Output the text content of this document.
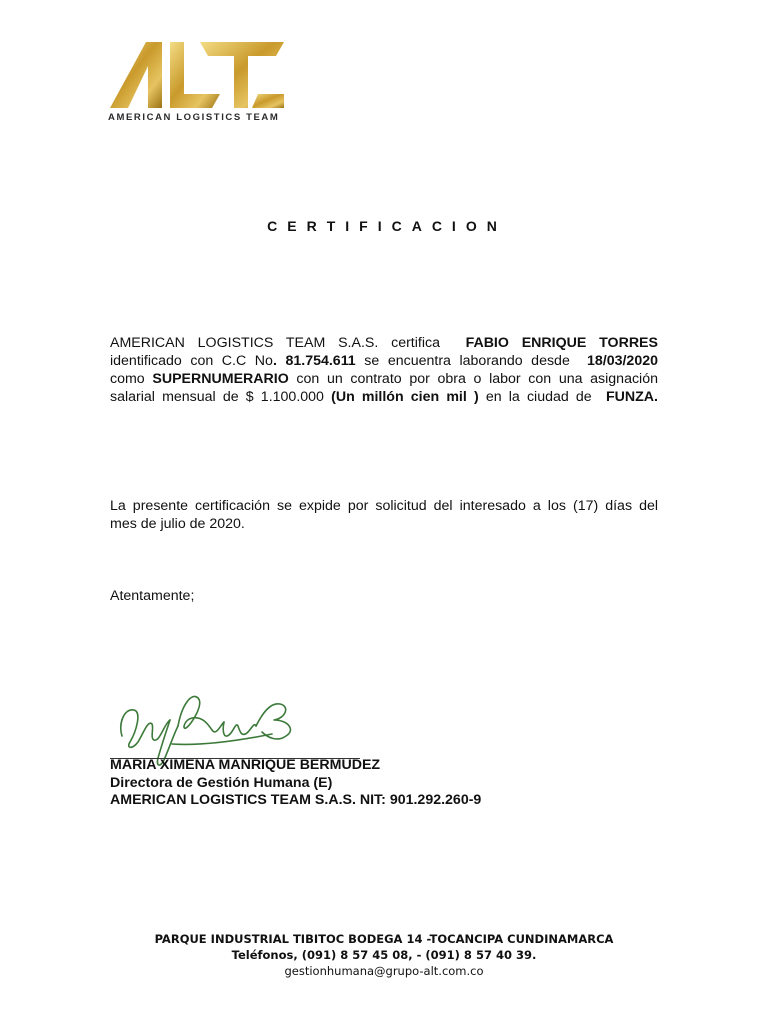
AMERICAN LOGISTICS TEAM
CERTIFICACION
AMERICAN LOGISTICS TEAM S.A.S. certifica FABIO ENRIQUE TORRES
identificado con C.C No. 81.754.611 se encuentra laborando desde 18/03/2020
como SUPERNUMERARIO con un contrato por obra o labor con una asignación
salarial mensual de $ 1.100.000 (Un millón cien mil ) en la ciudad de FUNZA.
La presente certificación se expide por solicitud del interesado a los (17) días del
mes de julio de 2020.
Atentamente;
MARIA XIMENA MANRIQUE BERMUDEZ
Directora de Gestión Humana (E)
AMERICAN LOGISTICS TEAM S.A.S. NIT: 901.292.260-9
PARQUE INDUSTRIAL TIBITOC BODEGA 14 -TOCANCIPA CUNDINAMARCA
Teléfonos, (091) 8 57 45 08, - (091) 8 57 40 39.
gestionhumana@grupo-alt.com.co
